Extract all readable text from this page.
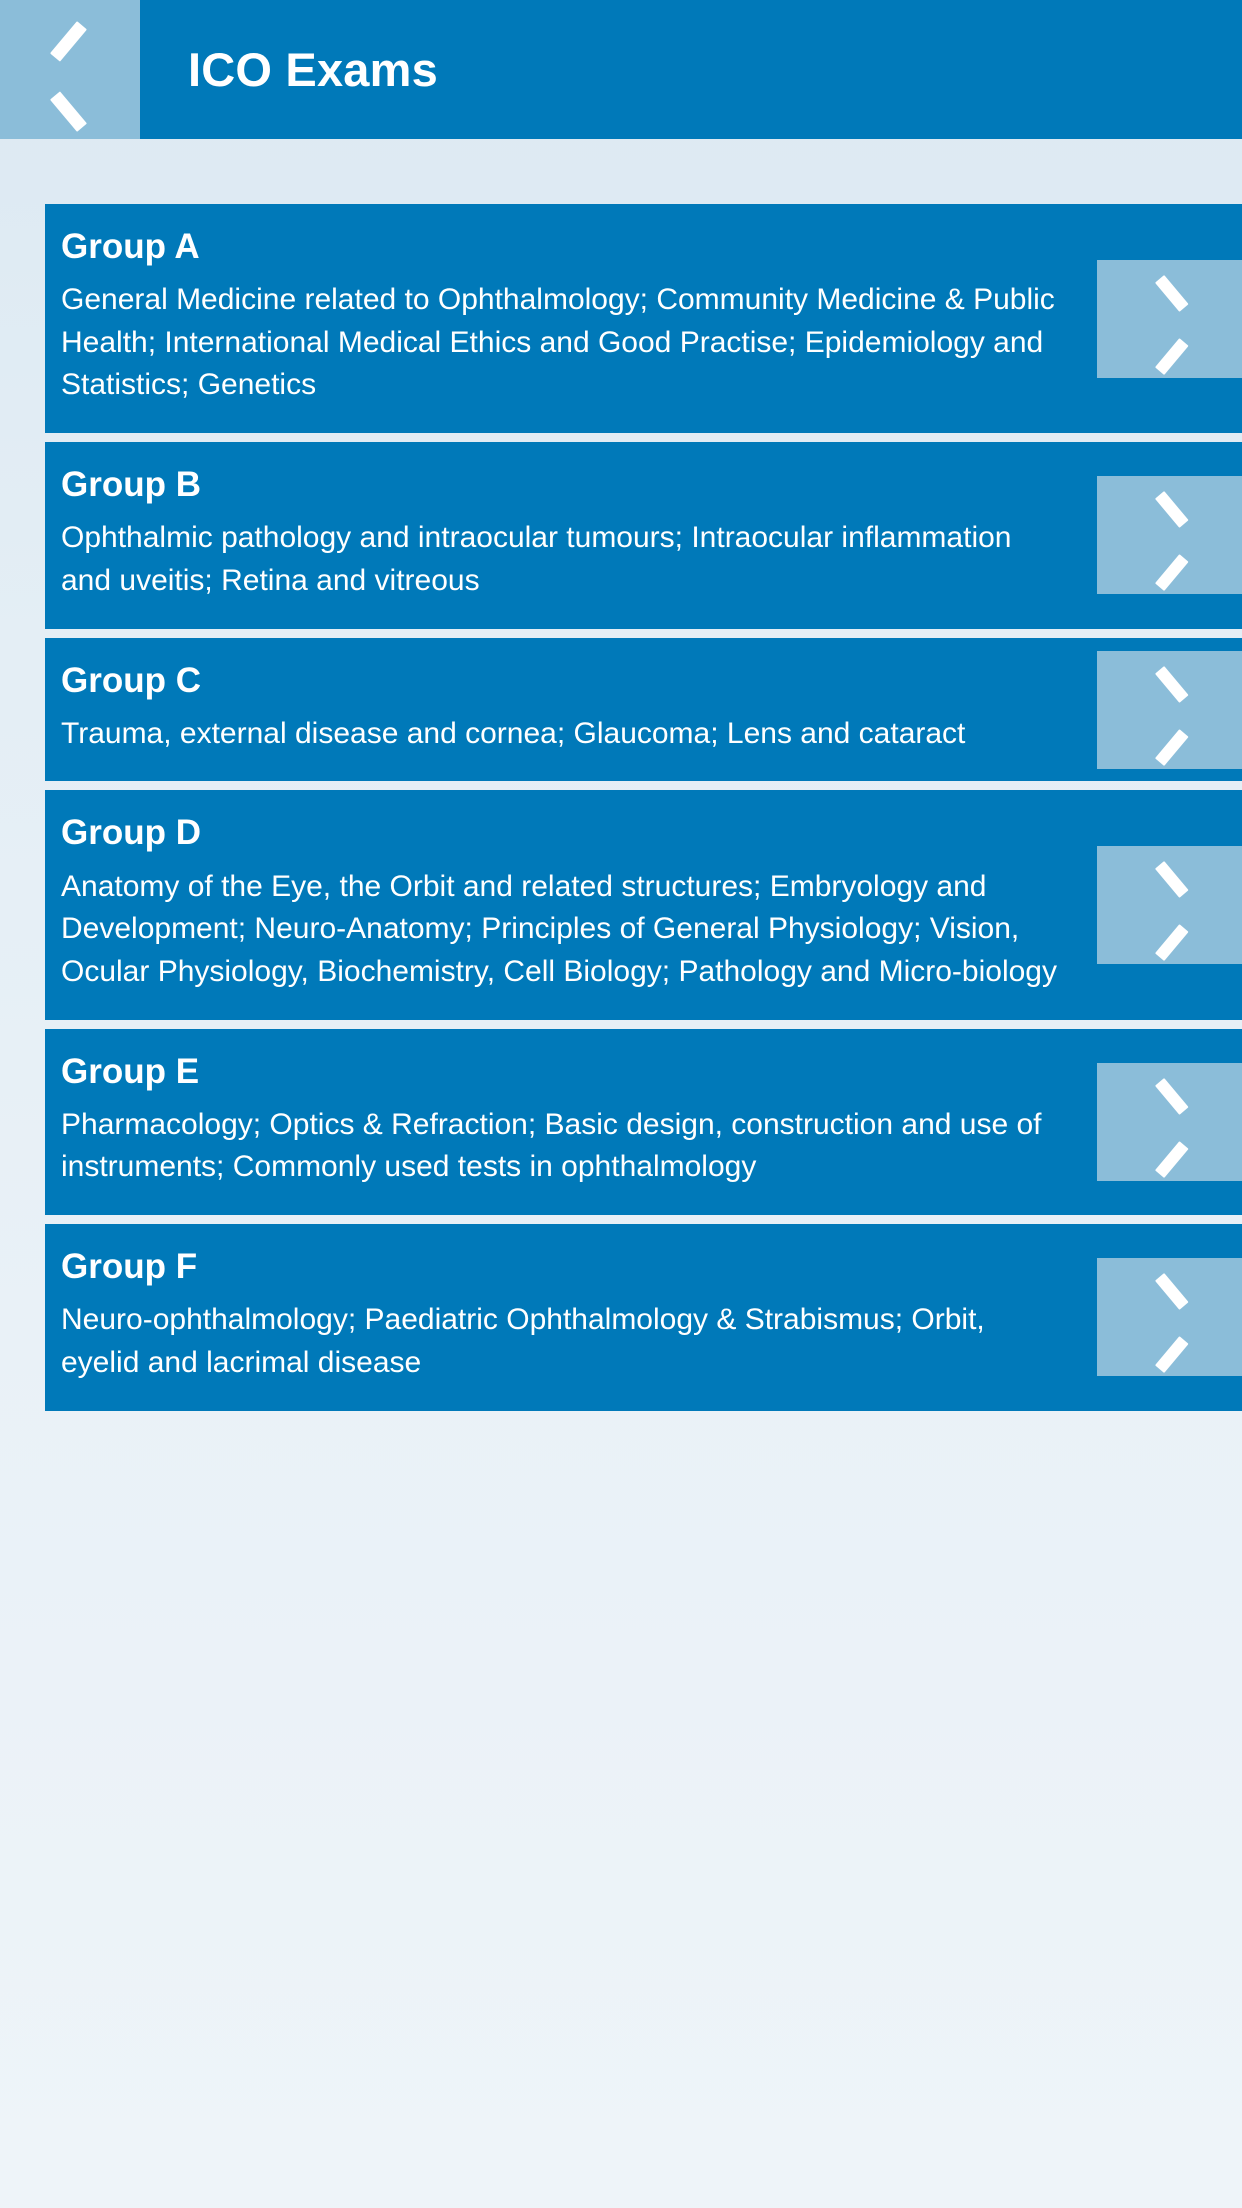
ICO Exams
Group A
General Medicine related to Ophthalmology; Community Medicine & Public Health; International Medical Ethics and Good Practise; Epidemiology and Statistics; Genetics
Group B
Ophthalmic pathology and intraocular tumours; Intraocular inflammation and uveitis; Retina and vitreous
Group C
Trauma, external disease and cornea; Glaucoma; Lens and cataract
Group D
Anatomy of the Eye, the Orbit and related structures; Embryology and Development; Neuro-Anatomy; Principles of General Physiology; Vision, Ocular Physiology, Biochemistry, Cell Biology; Pathology and Micro-biology
Group E
Pharmacology; Optics & Refraction; Basic design, construction and use of instruments; Commonly used tests in ophthalmology
Group F
Neuro-ophthalmology; Paediatric Ophthalmology & Strabismus; Orbit, eyelid and lacrimal disease
